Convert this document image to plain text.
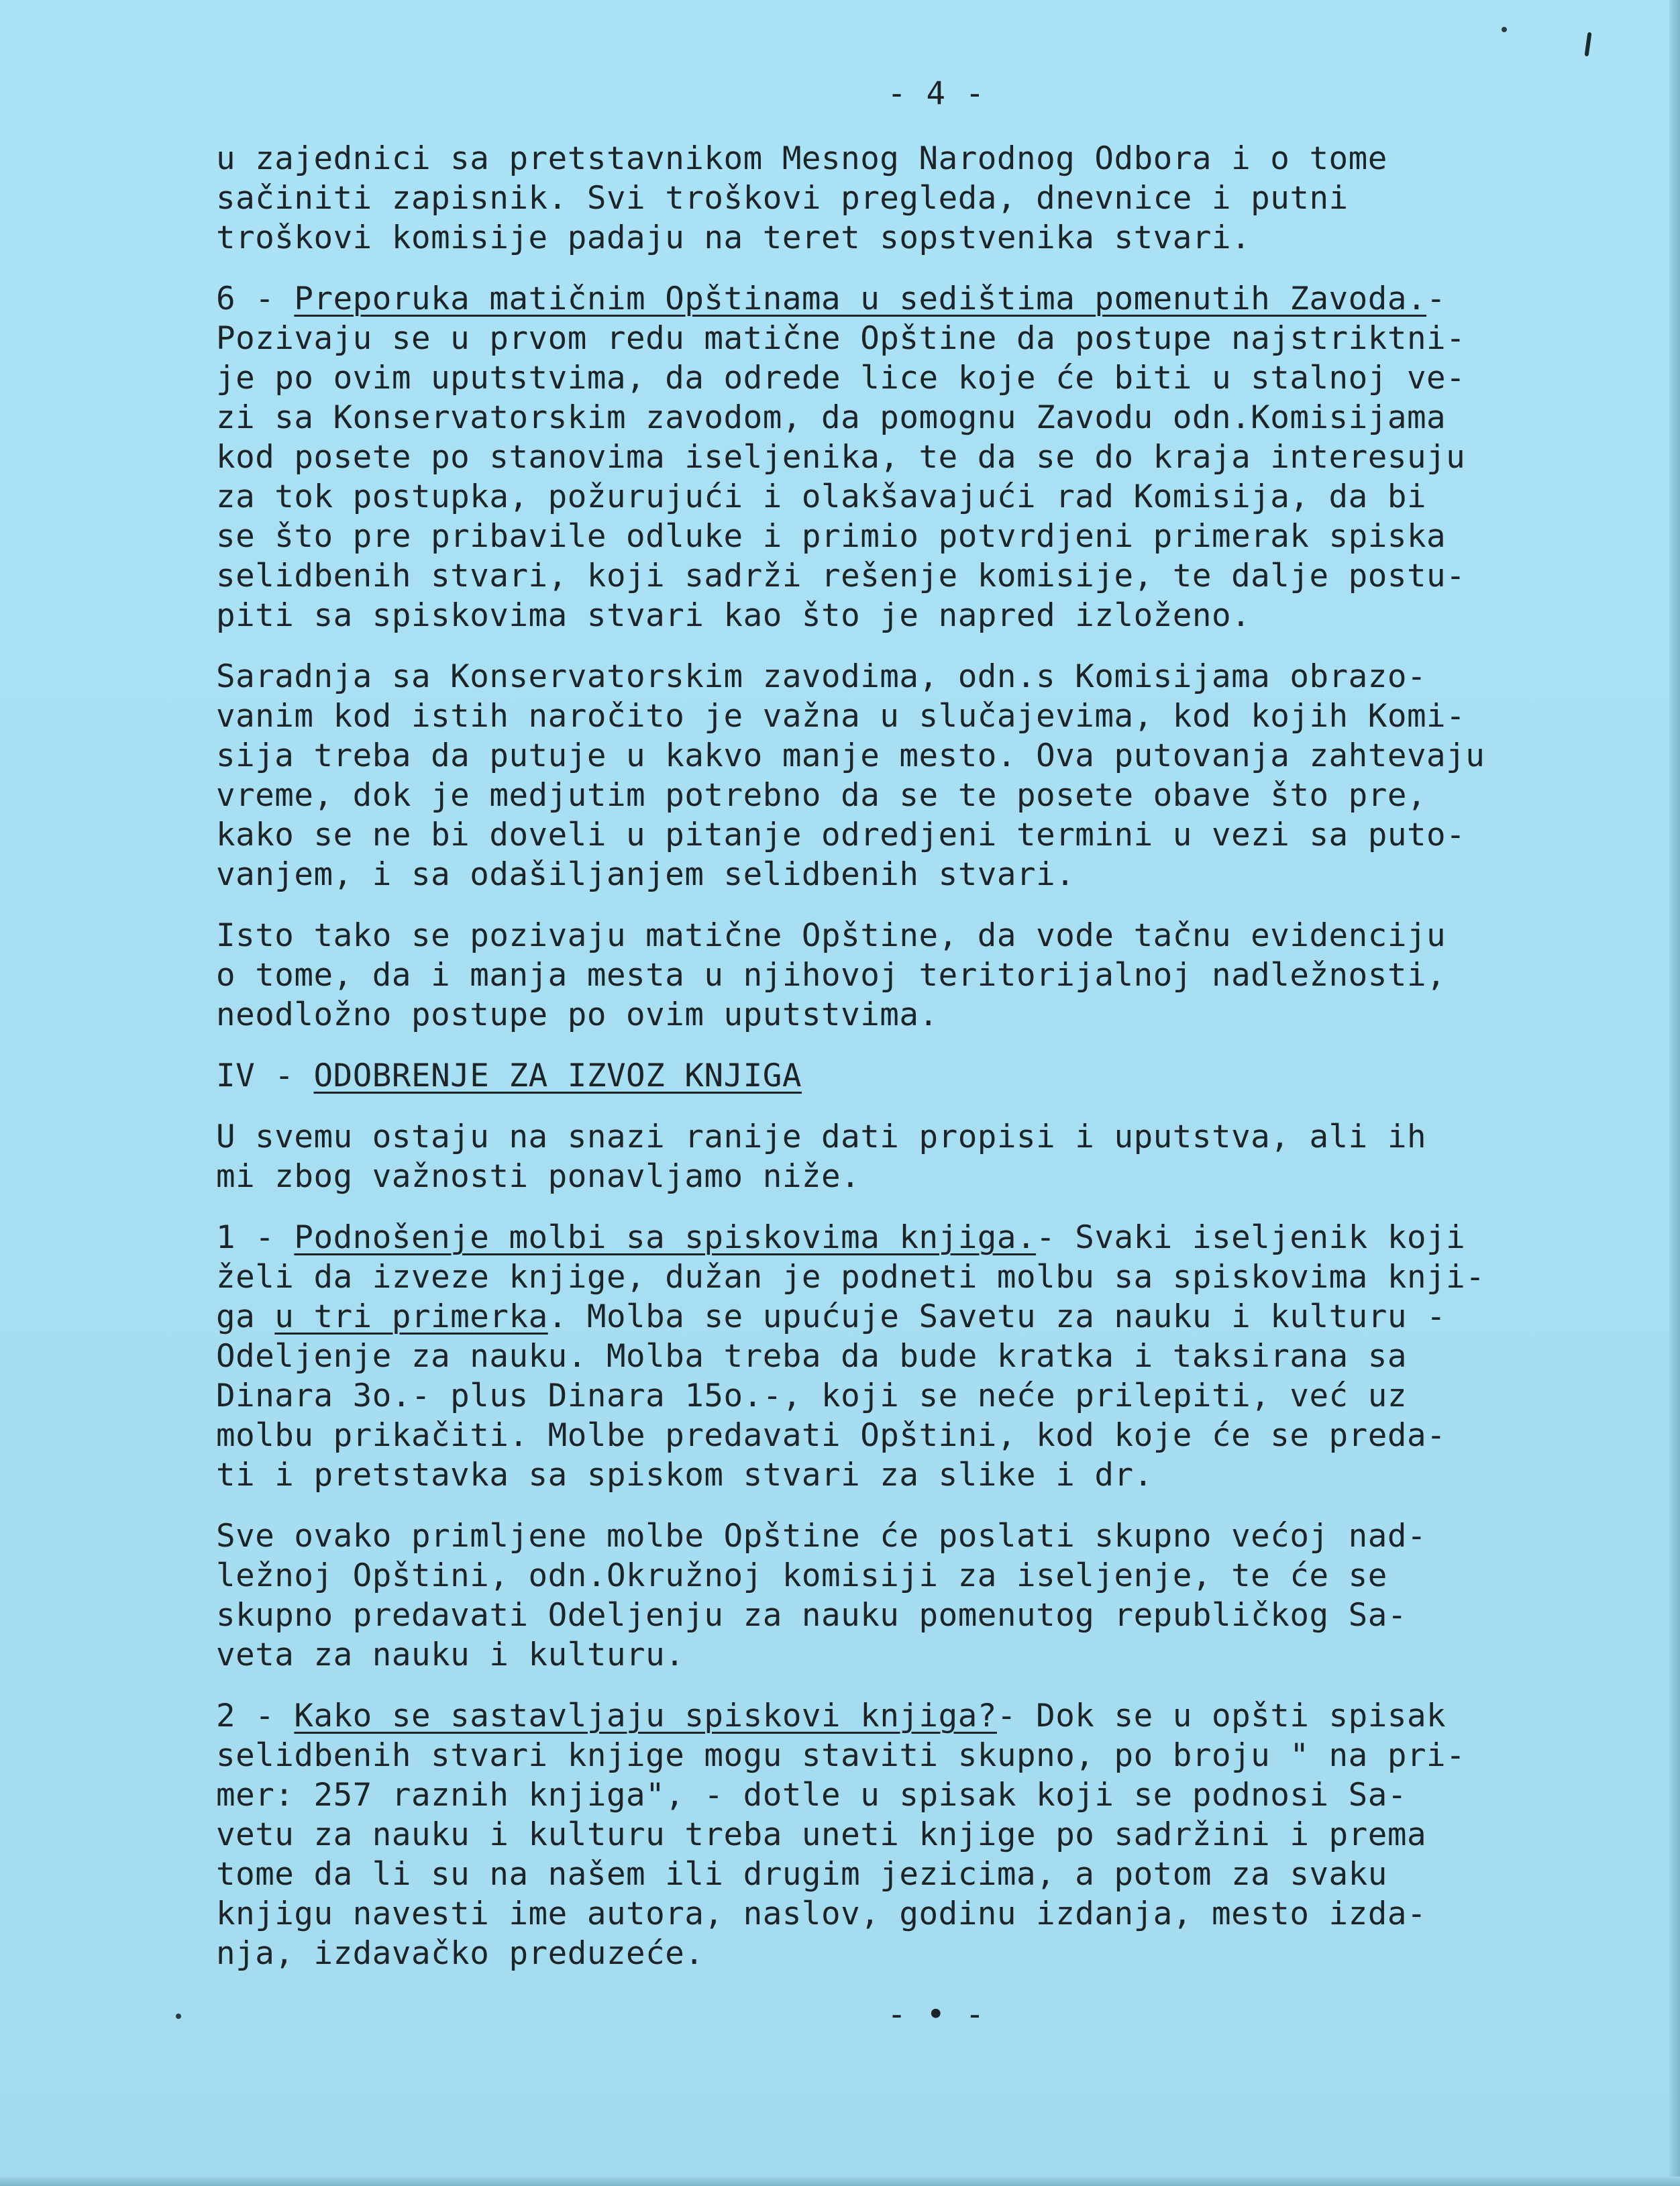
- 4 -
u zajednici sa pretstavnikom Mesnog Narodnog Odbora i o tome
sačiniti zapisnik. Svi troškovi pregleda, dnevnice i putni
troškovi komisije padaju na teret sopstvenika stvari.
6 - Preporuka matičnim Opštinama u sedištima pomenutih Zavoda.-
Pozivaju se u prvom redu matične Opštine da postupe najstriktni-
je po ovim uputstvima, da odrede lice koje će biti u stalnoj ve-
zi sa Konservatorskim zavodom, da pomognu Zavodu odn.Komisijama
kod posete po stanovima iseljenika, te da se do kraja interesuju
za tok postupka, požurujući i olakšavajući rad Komisija, da bi
se što pre pribavile odluke i primio potvrdjeni primerak spiska
selidbenih stvari, koji sadrži rešenje komisije, te dalje postu-
piti sa spiskovima stvari kao što je napred izloženo.
Saradnja sa Konservatorskim zavodima, odn.s Komisijama obrazo-
vanim kod istih naročito je važna u slučajevima, kod kojih Komi-
sija treba da putuje u kakvo manje mesto. Ova putovanja zahtevaju
vreme, dok je medjutim potrebno da se te posete obave što pre,
kako se ne bi doveli u pitanje odredjeni termini u vezi sa puto-
vanjem, i sa odašiljanjem selidbenih stvari.
Isto tako se pozivaju matične Opštine, da vode tačnu evidenciju
o tome, da i manja mesta u njihovoj teritorijalnoj nadležnosti,
neodložno postupe po ovim uputstvima.
IV - ODOBRENJE ZA IZVOZ KNJIGA
U svemu ostaju na snazi ranije dati propisi i uputstva, ali ih
mi zbog važnosti ponavljamo niže.
1 - Podnošenje molbi sa spiskovima knjiga.- Svaki iseljenik koji
želi da izveze knjige, dužan je podneti molbu sa spiskovima knji-
ga u tri primerka. Molba se upućuje Savetu za nauku i kulturu -
Odeljenje za nauku. Molba treba da bude kratka i taksirana sa
Dinara 3o.- plus Dinara 15o.-, koji se neće prilepiti, već uz
molbu prikačiti. Molbe predavati Opštini, kod koje će se preda-
ti i pretstavka sa spiskom stvari za slike i dr.
Sve ovako primljene molbe Opštine će poslati skupno većoj nad-
ležnoj Opštini, odn.Okružnoj komisiji za iseljenje, te će se
skupno predavati Odeljenju za nauku pomenutog republičkog Sa-
veta za nauku i kulturu.
2 - Kako se sastavljaju spiskovi knjiga?- Dok se u opšti spisak
selidbenih stvari knjige mogu staviti skupno, po broju " na pri-
mer: 257 raznih knjiga", - dotle u spisak koji se podnosi Sa-
vetu za nauku i kulturu treba uneti knjige po sadržini i prema
tome da li su na našem ili drugim jezicima, a potom za svaku
knjigu navesti ime autora, naslov, godinu izdanja, mesto izda-
nja, izdavačko preduzeće.
- • -
